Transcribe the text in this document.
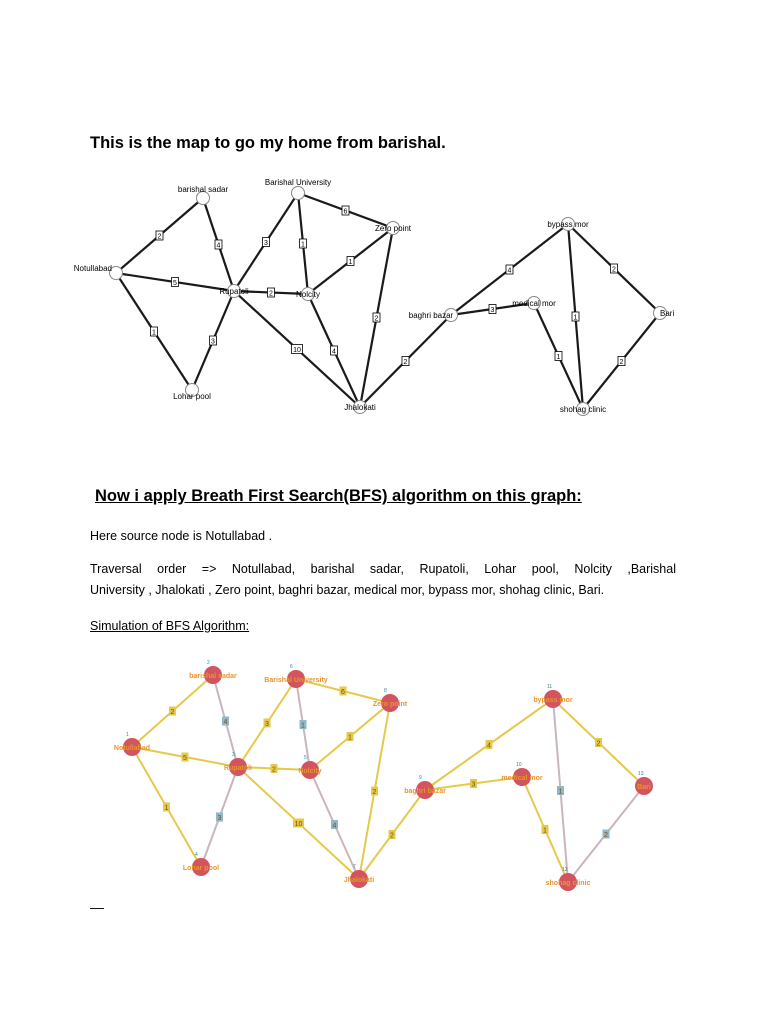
This is the map to go my home from barishal.
2
5
1
4
3
3
2
10
1
6
1
4
2
2
4
3
2
1
1
2
Notullabad
barishal sadar
Rupatoli
Lohar pool
Barishal University
Nolcity
Zero point
Jhalokati
baghri bazar
medical mor
bypass mor
Bari
shohag clinic
Now i apply Breath First Search(BFS) algorithm on this graph:
Here source node is Notullabad .
Traversal order => Notullabad, barishal sadar, Rupatoli, Lohar pool, Nolcity ,Barishal
University , Jhalokati , Zero point, baghri bazar, medical mor, bypass mor, shohag clinic, Bari.
Simulation of BFS Algorithm:
2
5
1
4
3
3
2
10
1
6
1
4
2
2
4
3
2
1
1
2
1
Notullabad
2
barishal sadar
3
Rupatoli
4
Lohar pool
6
Barishal University
5
Nolcity
8
Zero point
7
Jhalokati
9
baghri bazar
10
medical mor
11
bypass mor
13
Bari
12
shohag clinic
—
